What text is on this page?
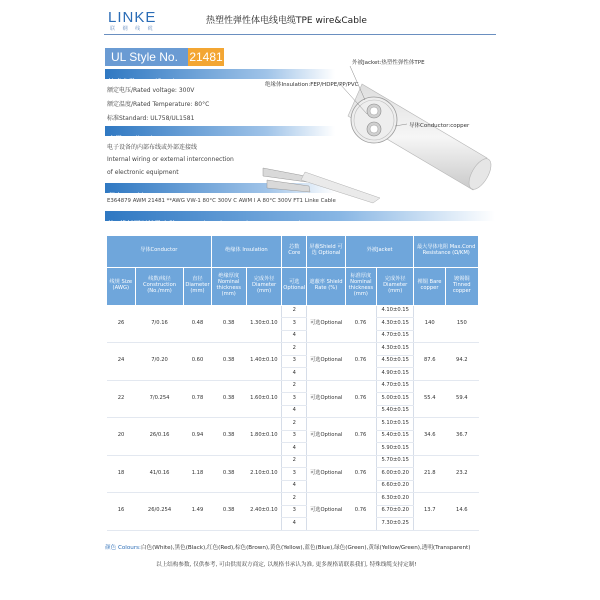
LINKE
联 纲 线 缆
热塑性弹性体电线电缆TPE wire&Cable
UL Style No. 21481
技术参数 Specifications
额定电压/Rated voltage: 300V
额定温度/Rated Temperature: 80°C
标准Standard: UL758/UL1581
应用Applications
电子设备的内部布线或外部连接线
Internal wiring or external interconnection
of electronic equipment
印字 Marking
E364879 AWM 21481 **AWG VW-1 80°C 300V C AWM I A 80°C 300V FT1 Linke Cable
注: 线材可以特殊定做/Note: The wire can be custom made
外被Jacket:热塑性弹性体TPE
绝缘体Insulation:FEP/HDPE/PP/PVC
导体Conductor:copper
导体Conductor			绝缘体 Insulation		芯数 Core	屏蔽Shield 可选 Optional	外被Jacket		最大导体电阻 Max.Cond Resistance (Ω/KM)	
线规 Size (AWG)	线数/线径 Construction (No./mm)	直径 Diameter (mm)	绝缘厚度 Nominal thickness (mm)	完成外径 Diameter (mm)	可选 Optional	遮蔽率 Shield Rate (%)	标准厚度 Nominal thickness (mm)	完成外径 Diameter (mm)	裸铜 Bare copper	镀锡铜 Tinned copper
26	7/0.16	0.48	0.38	1.30±0.10	2	可选Optional	0.76	4.10±0.15	140	150
					3			4.30±0.15		
					4			4.70±0.15		
24	7/0.20	0.60	0.38	1.40±0.10	2	可选Optional	0.76	4.30±0.15	87.6	94.2
					3			4.50±0.15		
					4			4.90±0.15		
22	7/0.254	0.78	0.38	1.60±0.10	2	可选Optional	0.76	4.70±0.15	55.4	59.4
					3			5.00±0.15		
					4			5.40±0.15		
20	26/0.16	0.94	0.38	1.80±0.10	2	可选Optional	0.76	5.10±0.15	34.6	36.7
					3			5.40±0.15		
					4			5.90±0.15		
18	41/0.16	1.18	0.38	2.10±0.10	2	可选Optional	0.76	5.70±0.15	21.8	23.2
					3			6.00±0.20		
					4			6.60±0.20		
16	26/0.254	1.49	0.38	2.40±0.10	2	可选Optional	0.76	6.30±0.20	13.7	14.6
					3			6.70±0.20		
					4			7.30±0.25		
颜色 Colours:白色(White),黑色(Black),红色(Red),棕色(Brown),黄色(Yellow),蓝色(Blue),绿色(Green),黄绿(Yellow/Green),透明(Transparent)
以上结构参数, 仅供参考, 可由供需双方商定, 以规格书承认为准, 更多规格请联系我们, 特殊线缆支持定制!
